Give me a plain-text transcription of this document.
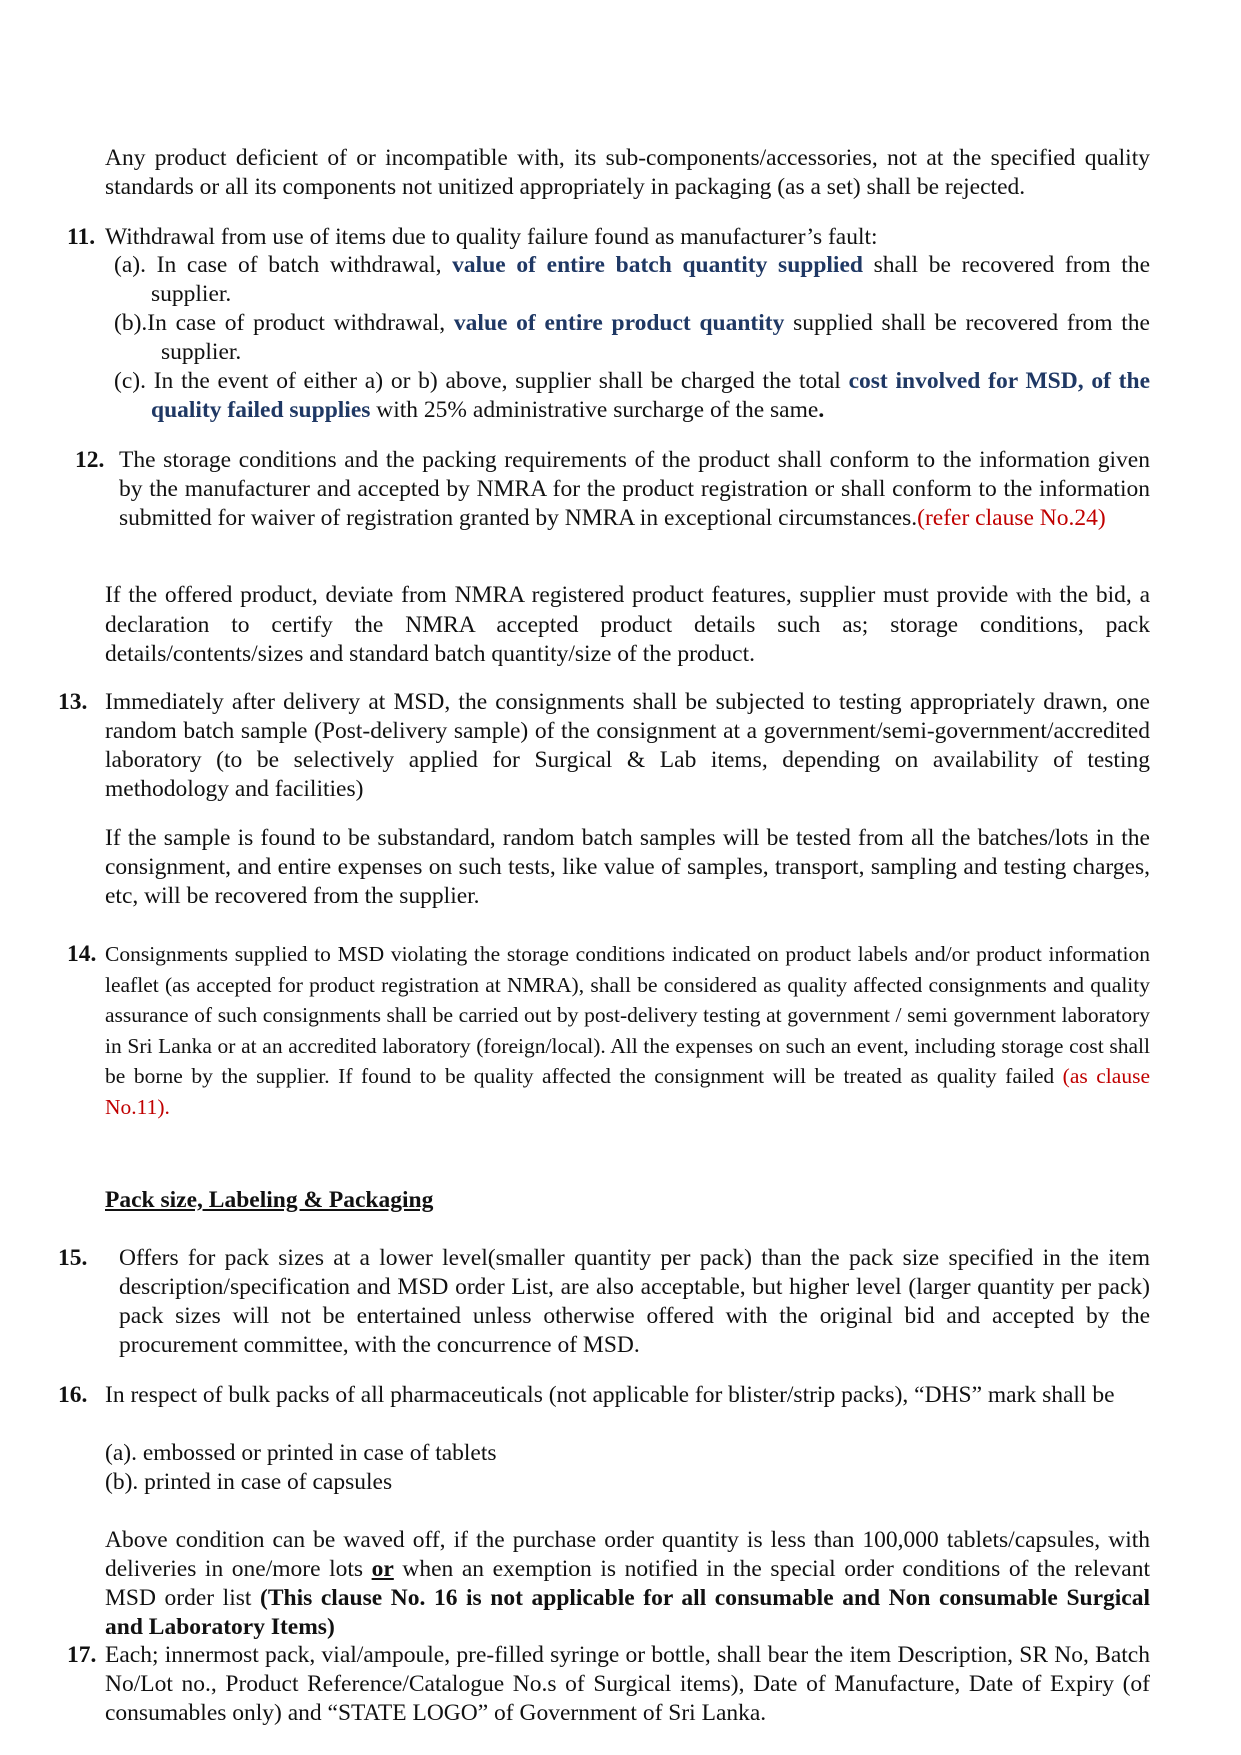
Any product deficient of or incompatible with, its sub-components/accessories, not at the specified quality standards or all its components not unitized appropriately in packaging (as a set) shall be rejected.

11. Withdrawal from use of items due to quality failure found as manufacturer’s fault:
(a). In case of batch withdrawal, value of entire batch quantity supplied shall be recovered from the supplier.
(b).In case of product withdrawal, value of entire product quantity supplied shall be recovered from the supplier.
(c). In the event of either a) or b) above, supplier shall be charged the total cost involved for MSD, of the quality failed supplies with 25% administrative surcharge of the same.
12. The storage conditions and the packing requirements of the product shall conform to the information given by the manufacturer and accepted by NMRA for the product registration or shall conform to the information submitted for waiver of registration granted by NMRA in exceptional circumstances.(refer clause No.24)
If the offered product, deviate from NMRA registered product features, supplier must provide with the bid, a declaration to certify the NMRA accepted product details such as; storage conditions, pack details/contents/sizes and standard batch quantity/size of the product.
13. Immediately after delivery at MSD, the consignments shall be subjected to testing appropriately drawn, one random batch sample (Post-delivery sample) of the consignment at a government/semi-government/accredited laboratory (to be selectively applied for Surgical & Lab items, depending on availability of testing methodology and facilities)
If the sample is found to be substandard, random batch samples will be tested from all the batches/lots in the consignment, and entire expenses on such tests, like value of samples, transport, sampling and testing charges, etc, will be recovered from the supplier.
14. Consignments supplied to MSD violating the storage conditions indicated on product labels and/or product information leaflet (as accepted for product registration at NMRA), shall be considered as quality affected consignments and quality assurance of such consignments shall be carried out by post-delivery testing at government / semi government laboratory in Sri Lanka or at an accredited laboratory (foreign/local). All the expenses on such an event, including storage cost shall be borne by the supplier. If found to be quality affected the consignment will be treated as quality failed (as clause No.11).
Pack size, Labeling & Packaging
15. Offers for pack sizes at a lower level(smaller quantity per pack) than the pack size specified in the item description/specification and MSD order List, are also acceptable, but higher level (larger quantity per pack) pack sizes will not be entertained unless otherwise offered with the original bid and accepted by the procurement committee, with the concurrence of MSD.
16. In respect of bulk packs of all pharmaceuticals (not applicable for blister/strip packs), “DHS” mark shall be
(a). embossed or printed in case of tablets
(b). printed in case of capsules
Above condition can be waved off, if the purchase order quantity is less than 100,000 tablets/capsules, with deliveries in one/more lots or when an exemption is notified in the special order conditions of the relevant MSD order list (This clause No. 16 is not applicable for all consumable and Non consumable Surgical and Laboratory Items)
17. Each; innermost pack, vial/ampoule, pre-filled syringe or bottle, shall bear the item Description, SR No, Batch No/Lot no., Product Reference/Catalogue No.s of Surgical items), Date of Manufacture, Date of Expiry (of consumables only) and “STATE LOGO” of Government of Sri Lanka.
